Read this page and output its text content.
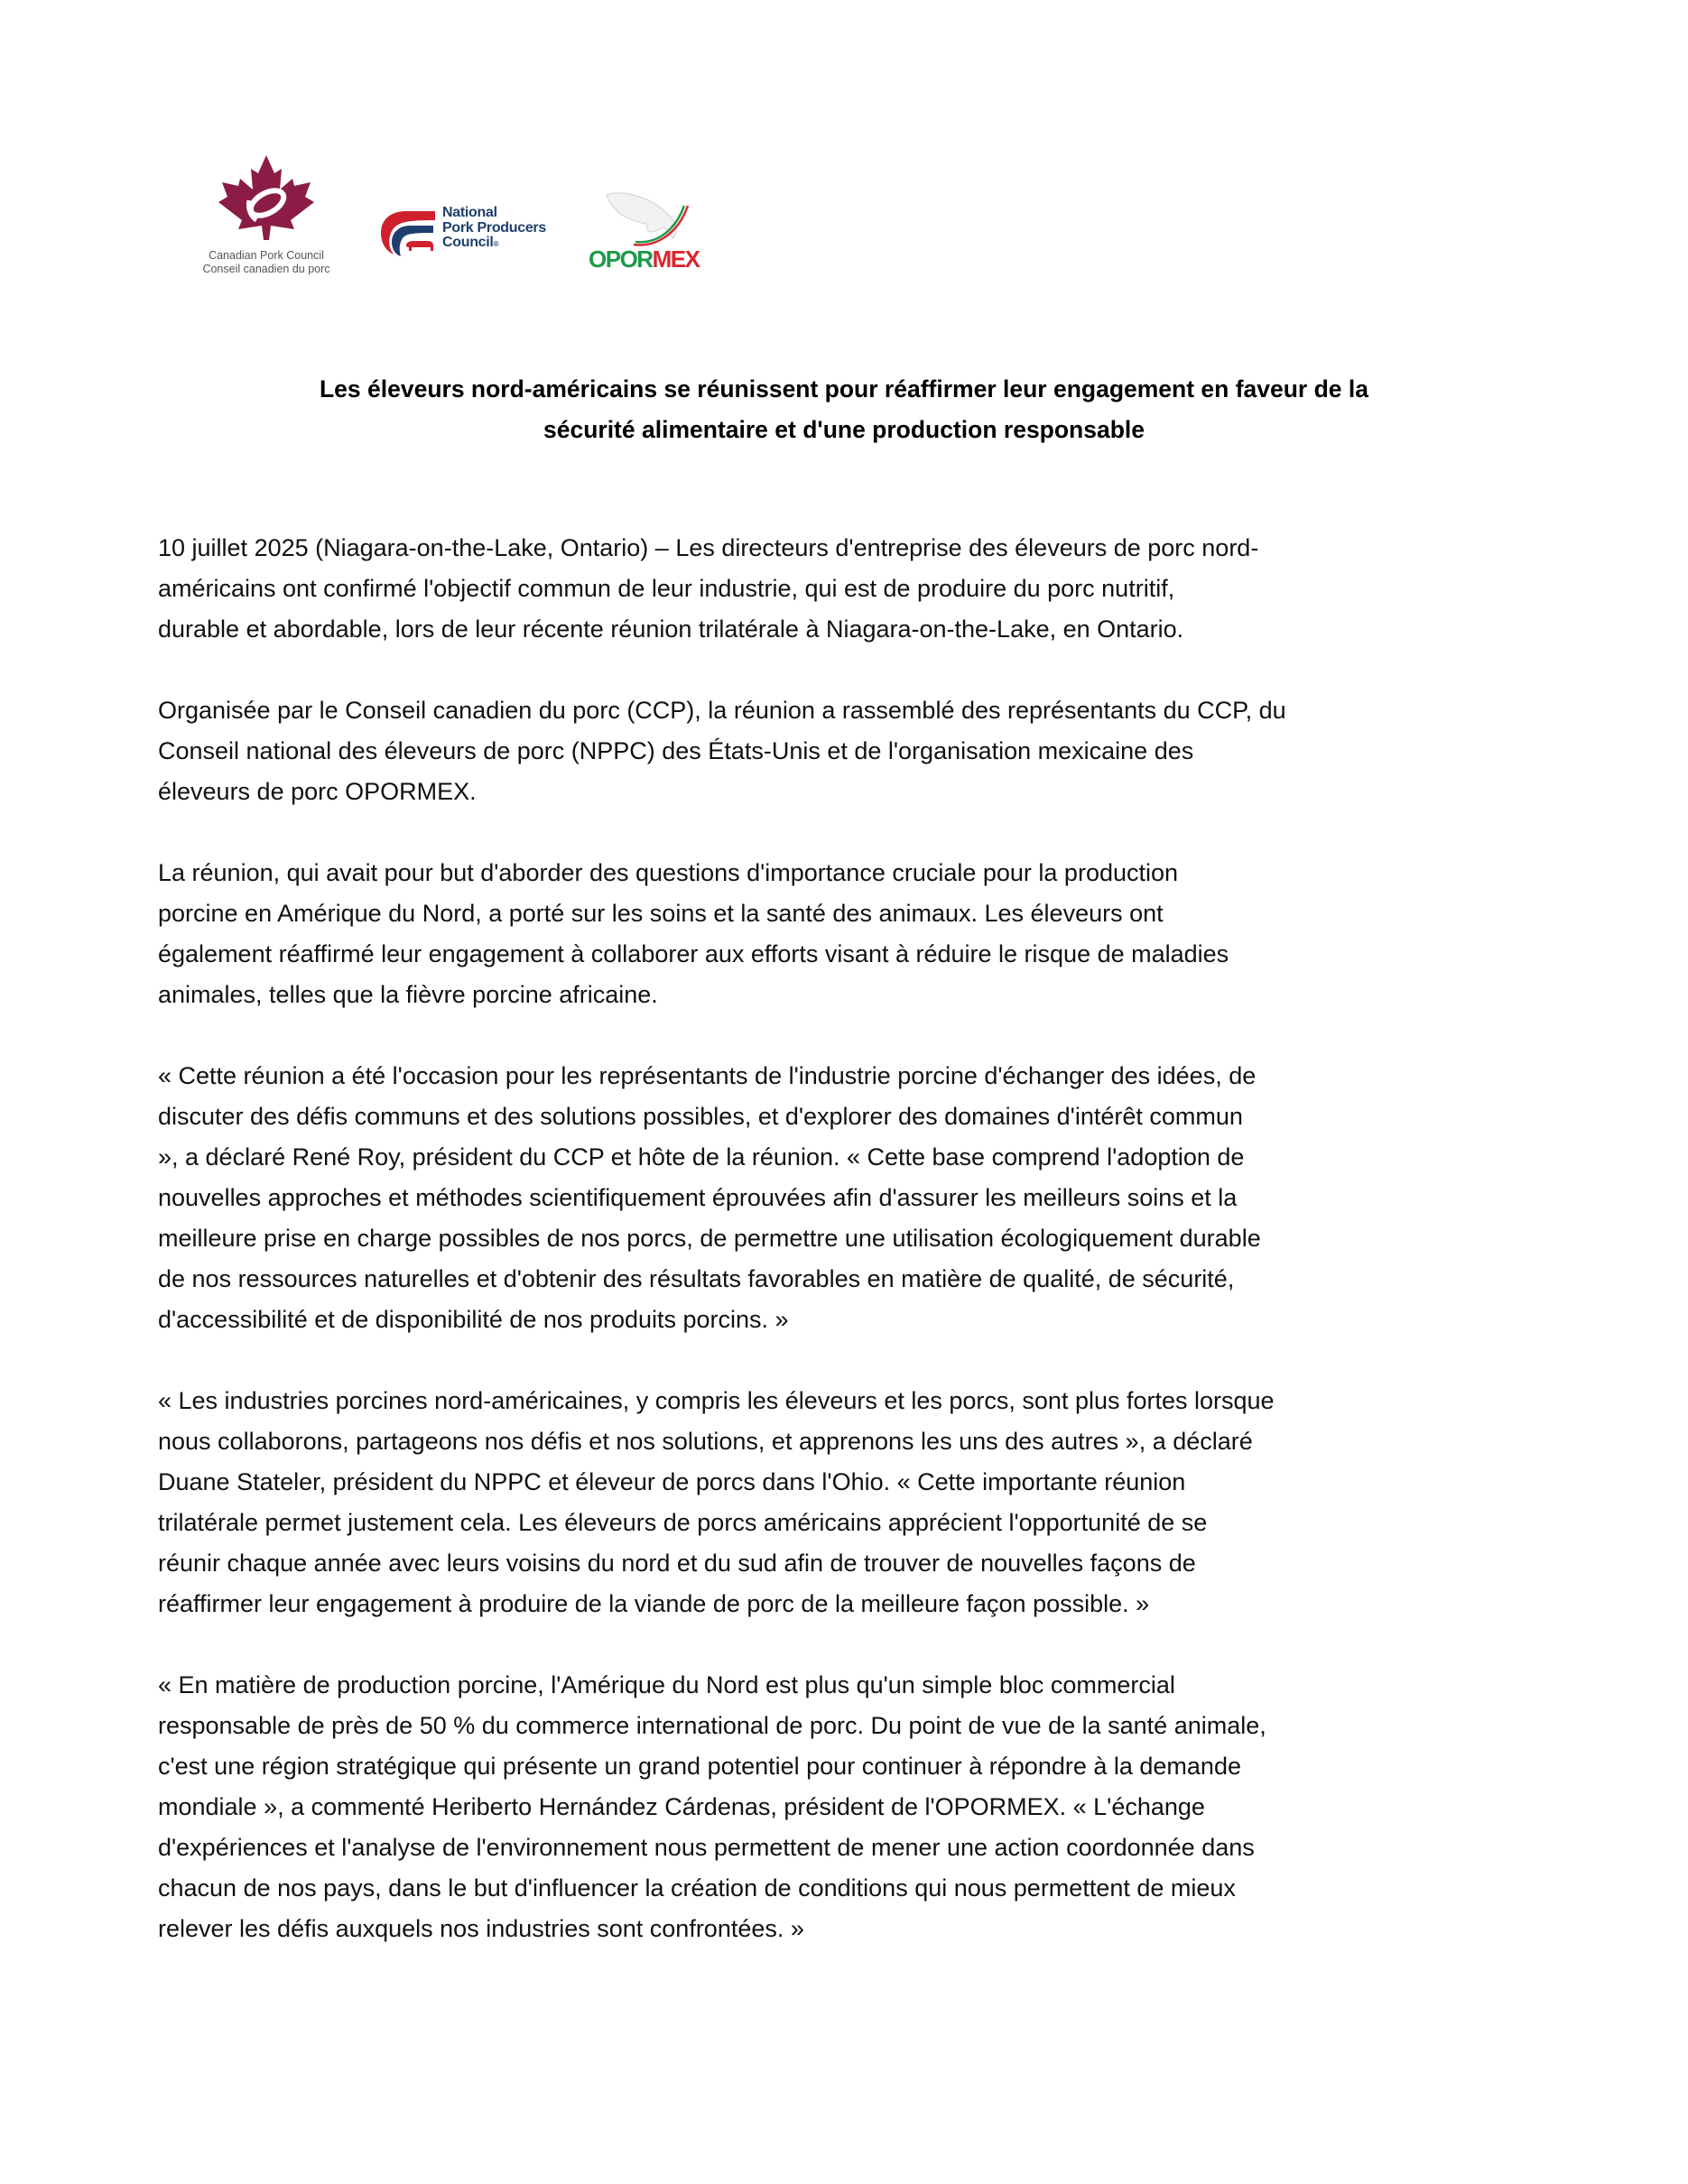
Canadian Pork Council
Conseil canadien du porc
National
Pork Producers
Council®
OPORMEX
Les éleveurs nord-américains se réunissent pour réaffirmer leur engagement en faveur de la
sécurité alimentaire et d'une production responsable

10 juillet 2025 (Niagara-on-the-Lake, Ontario) – Les directeurs d'entreprise des éleveurs de porc nord-
américains ont confirmé l'objectif commun de leur industrie, qui est de produire du porc nutritif,
durable et abordable, lors de leur récente réunion trilatérale à Niagara-on-the-Lake, en Ontario.

Organisée par le Conseil canadien du porc (CCP), la réunion a rassemblé des représentants du CCP, du
Conseil national des éleveurs de porc (NPPC) des États-Unis et de l'organisation mexicaine des
éleveurs de porc OPORMEX.

La réunion, qui avait pour but d'aborder des questions d'importance cruciale pour la production
porcine en Amérique du Nord, a porté sur les soins et la santé des animaux. Les éleveurs ont
également réaffirmé leur engagement à collaborer aux efforts visant à réduire le risque de maladies
animales, telles que la fièvre porcine africaine.

« Cette réunion a été l'occasion pour les représentants de l'industrie porcine d'échanger des idées, de
discuter des défis communs et des solutions possibles, et d'explorer des domaines d'intérêt commun
», a déclaré René Roy, président du CCP et hôte de la réunion. « Cette base comprend l'adoption de
nouvelles approches et méthodes scientifiquement éprouvées afin d'assurer les meilleurs soins et la
meilleure prise en charge possibles de nos porcs, de permettre une utilisation écologiquement durable
de nos ressources naturelles et d'obtenir des résultats favorables en matière de qualité, de sécurité,
d'accessibilité et de disponibilité de nos produits porcins. »

« Les industries porcines nord-américaines, y compris les éleveurs et les porcs, sont plus fortes lorsque
nous collaborons, partageons nos défis et nos solutions, et apprenons les uns des autres », a déclaré
Duane Stateler, président du NPPC et éleveur de porcs dans l'Ohio. « Cette importante réunion
trilatérale permet justement cela. Les éleveurs de porcs américains apprécient l'opportunité de se
réunir chaque année avec leurs voisins du nord et du sud afin de trouver de nouvelles façons de
réaffirmer leur engagement à produire de la viande de porc de la meilleure façon possible. »

« En matière de production porcine, l'Amérique du Nord est plus qu'un simple bloc commercial
responsable de près de 50 % du commerce international de porc. Du point de vue de la santé animale,
c'est une région stratégique qui présente un grand potentiel pour continuer à répondre à la demande
mondiale », a commenté Heriberto Hernández Cárdenas, président de l'OPORMEX. « L'échange
d'expériences et l'analyse de l'environnement nous permettent de mener une action coordonnée dans
chacun de nos pays, dans le but d'influencer la création de conditions qui nous permettent de mieux
relever les défis auxquels nos industries sont confrontées. »
